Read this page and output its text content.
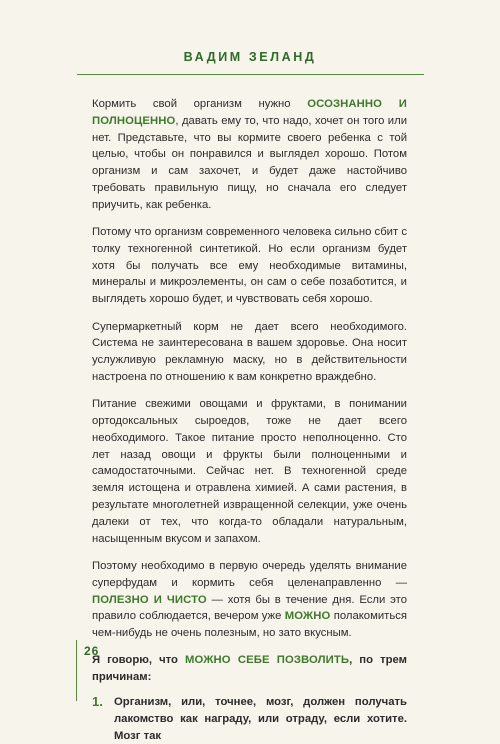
ВАДИМ ЗЕЛАНД

Кормить свой организм нужно ОСОЗНАННО И ПОЛНОЦЕННО, давать ему то, что надо, хочет он того или нет. Представьте, что вы кормите своего ребенка с той целью, чтобы он понравился и выглядел хорошо. Потом организм и сам захочет, и будет даже настойчиво требовать правильную пищу, но сначала его следует приучить, как ребенка.

Потому что организм современного человека сильно сбит с толку техногенной синтетикой. Но если организм будет хотя бы получать все ему необходимые витамины, минералы и микроэлементы, он сам о себе позаботится, и выглядеть хорошо будет, и чувствовать себя хорошо.

Супермаркетный корм не дает всего необходимого. Система не заинтересована в вашем здоровье. Она носит услужливую рекламную маску, но в действительности настроена по отношению к вам конкретно враждебно.

Питание свежими овощами и фруктами, в понимании ортодоксальных сыроедов, тоже не дает всего необходимого. Такое питание просто неполноценно. Сто лет назад овощи и фрукты были полноценными и самодостаточными. Сейчас нет. В техногенной среде земля истощена и отравлена химией. А сами растения, в результате многолетней извращенной селекции, уже очень далеки от тех, что когда-то обладали натуральным, насыщенным вкусом и запахом.

Поэтому необходимо в первую очередь уделять внимание суперфудам и кормить себя целенаправленно — ПОЛЕЗНО И ЧИСТО — хотя бы в течение дня. Если это правило соблюдается, вечером уже МОЖНО полакомиться чем-нибудь не очень полезным, но зато вкусным.

Я говорю, что МОЖНО СЕБЕ ПОЗВОЛИТЬ, по трем причинам:

1. Организм, или, точнее, мозг, должен получать лакомство как награду, или отраду, если хотите. Мозг так
26
